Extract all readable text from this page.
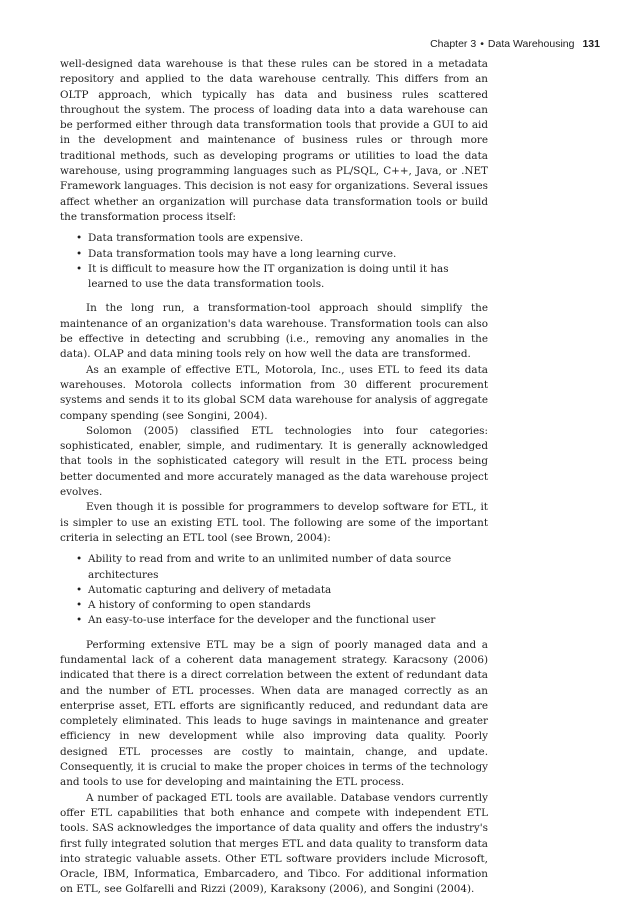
Chapter 3 • Data Warehousing 131

well-designed data warehouse is that these rules can be stored in a metadata repository and applied to the data warehouse centrally. This differs from an OLTP approach, which typically has data and business rules scattered throughout the system. The process of loading data into a data warehouse can be performed either through data transformation tools that provide a GUI to aid in the development and maintenance of business rules or through more traditional methods, such as developing programs or utilities to load the data warehouse, using programming languages such as PL/SQL, C++, Java, or .NET Framework languages. This decision is not easy for organizations. Several issues affect whether an organization will purchase data transformation tools or build the transformation process itself:

• Data transformation tools are expensive.
• Data transformation tools may have a long learning curve.
• It is difficult to measure how the IT organization is doing until it has learned to use the data transformation tools.

In the long run, a transformation-tool approach should simplify the maintenance of an organization's data warehouse. Transformation tools can also be effective in detecting and scrubbing (i.e., removing any anomalies in the data). OLAP and data mining tools rely on how well the data are transformed.

As an example of effective ETL, Motorola, Inc., uses ETL to feed its data warehouses. Motorola collects information from 30 different procurement systems and sends it to its global SCM data warehouse for analysis of aggregate company spending (see Songini, 2004).

Solomon (2005) classified ETL technologies into four categories: sophisticated, enabler, simple, and rudimentary. It is generally acknowledged that tools in the sophisticated category will result in the ETL process being better documented and more accurately managed as the data warehouse project evolves.

Even though it is possible for programmers to develop software for ETL, it is simpler to use an existing ETL tool. The following are some of the important criteria in selecting an ETL tool (see Brown, 2004):

• Ability to read from and write to an unlimited number of data source architectures
• Automatic capturing and delivery of metadata
• A history of conforming to open standards
• An easy-to-use interface for the developer and the functional user

Performing extensive ETL may be a sign of poorly managed data and a fundamental lack of a coherent data management strategy. Karacsony (2006) indicated that there is a direct correlation between the extent of redundant data and the number of ETL processes. When data are managed correctly as an enterprise asset, ETL efforts are significantly reduced, and redundant data are completely eliminated. This leads to huge savings in maintenance and greater efficiency in new development while also improving data quality. Poorly designed ETL processes are costly to maintain, change, and update. Consequently, it is crucial to make the proper choices in terms of the technology and tools to use for developing and maintaining the ETL process.

A number of packaged ETL tools are available. Database vendors currently offer ETL capabilities that both enhance and compete with independent ETL tools. SAS acknowledges the importance of data quality and offers the industry's first fully integrated solution that merges ETL and data quality to transform data into strategic valuable assets. Other ETL software providers include Microsoft, Oracle, IBM, Informatica, Embarcadero, and Tibco. For additional information on ETL, see Golfarelli and Rizzi (2009), Karaksony (2006), and Songini (2004).
